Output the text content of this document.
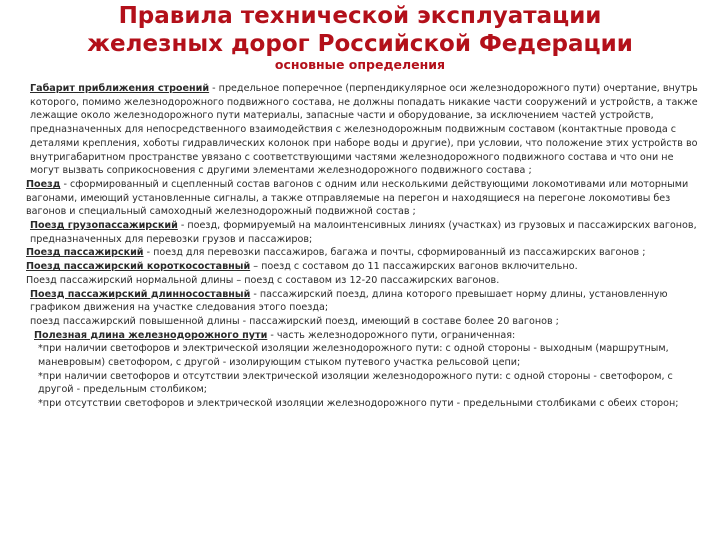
Правила технической эксплуатации
железных дорог Российской Федерации
основные определения

Габарит приближения строений - предельное поперечное (перпендикулярное оси железнодорожного пути) очертание, внутрь которого, помимо железнодорожного подвижного состава, не должны попадать никакие части сооружений и устройств, а также лежащие около железнодорожного пути материалы, запасные части и оборудование, за исключением частей устройств, предназначенных для непосредственного взаимодействия с железнодорожным подвижным составом (контактные провода с деталями крепления, хоботы гидравлических колонок при наборе воды и другие), при условии, что положение этих устройств во внутригабаритном пространстве увязано с соответствующими частями железнодорожного подвижного состава и что они не могут вызвать соприкосновения с другими элементами железнодорожного подвижного состава ;

Поезд - сформированный и сцепленный состав вагонов с одним или несколькими действующими локомотивами или моторными вагонами, имеющий установленные сигналы, а также отправляемые на перегон и находящиеся на перегоне локомотивы без вагонов и специальный самоходный железнодорожный подвижной состав ;

Поезд грузопассажирский - поезд, формируемый на малоинтенсивных линиях (участках) из грузовых и пассажирских вагонов, предназначенных для перевозки грузов и пассажиров;

Поезд пассажирский - поезд для перевозки пассажиров, багажа и почты, сформированный из пассажирских вагонов ;

Поезд пассажирский короткосоставный – поезд с составом до 11 пассажирских вагонов включительно.

Поезд пассажирский нормальной длины – поезд с составом из 12-20 пассажирских вагонов.

Поезд пассажирский длинносоставный - пассажирский поезд, длина которого превышает норму длины, установленную графиком движения на участке следования этого поезда;

поезд пассажирский повышенной длины - пассажирский поезд, имеющий в составе более 20 вагонов ;

Полезная длина железнодорожного пути - часть железнодорожного пути, ограниченная:

*при наличии светофоров и электрической изоляции железнодорожного пути: с одной стороны - выходным (маршрутным, маневровым) светофором, с другой - изолирующим стыком путевого участка рельсовой цепи;

*при наличии светофоров и отсутствии электрической изоляции железнодорожного пути: с одной стороны - светофором, с другой - предельным столбиком;

*при отсутствии светофоров и электрической изоляции железнодорожного пути - предельными столбиками с обеих сторон;
